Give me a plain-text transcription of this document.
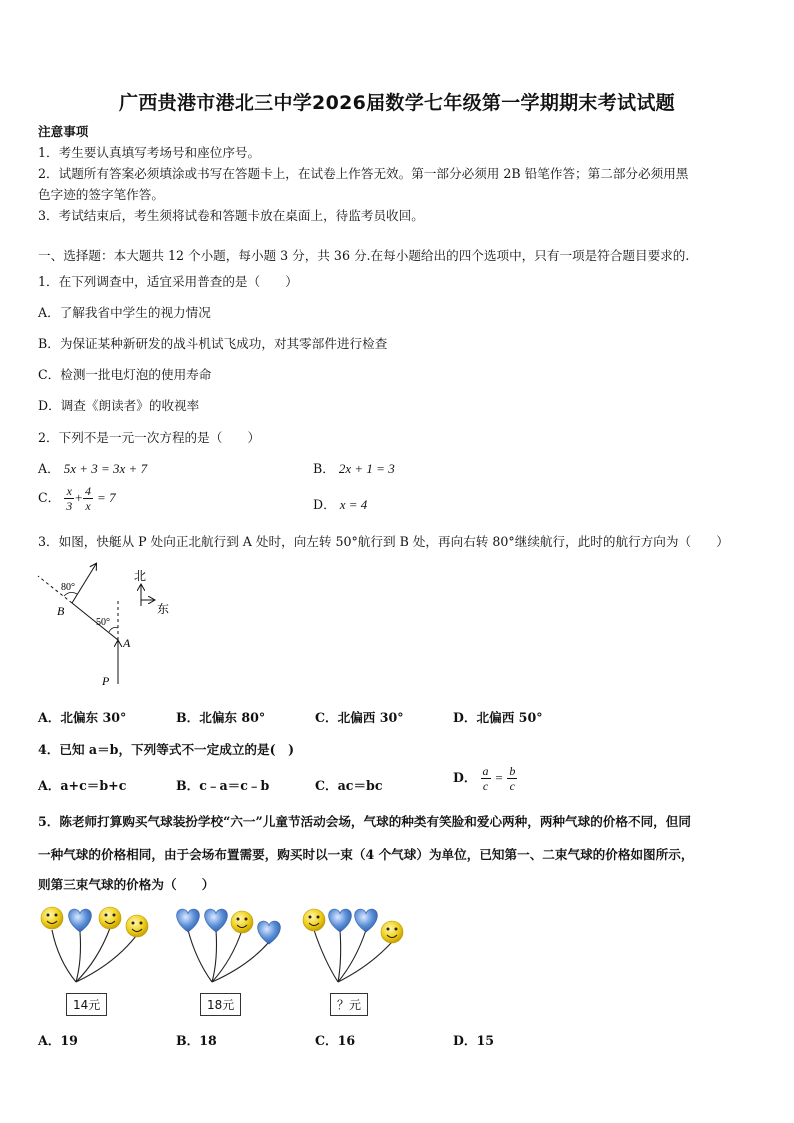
广西贵港市港北三中学2026届数学七年级第一学期期末考试试题
注意事项
1．考生要认真填写考场号和座位序号。
2．试题所有答案必须填涂或书写在答题卡上，在试卷上作答无效。第一部分必须用 2B 铅笔作答；第二部分必须用黑
色字迹的签字笔作答。
3．考试结束后，考生须将试卷和答题卡放在桌面上，待监考员收回。
一、选择题：本大题共 12 个小题，每小题 3 分，共 36 分.在每小题给出的四个选项中，只有一项是符合题目要求的.
1．在下列调查中，适宜采用普查的是（　　）
A．了解我省中学生的视力情况
B．为保证某种新研发的战斗机试飞成功，对其零部件进行检查
C．检测一批电灯泡的使用寿命
D．调查《朗读者》的收视率
2．下列不是一元一次方程的是（　　）
A． 5x + 3 = 3x + 7	B． 2x + 1 = 3
C． $\frac{x}{3} + \frac{4}{x} = 7$	D． x = 4
3．如图，快艇从 P 处向正北航行到 A 处时，向左转 50°航行到 B 处，再向右转 80°继续航行，此时的航行方向为（　　）
北
东
80°
50°
B
A
P
A．北偏东 30°	B．北偏东 80°	C．北偏西 30°	D．北偏西 50°
4．已知 a＝b，下列等式不一定成立的是(　)
A．a+c＝b+c	B．c﹣a＝c﹣b	C．ac＝bc
D． $\frac{a}{c} = \frac{b}{c}$
5．陈老师打算购买气球装扮学校“六一”儿童节活动会场，气球的种类有笑脸和爱心两种，两种气球的价格不同，但同
一种气球的价格相同，由于会场布置需要，购买时以一束（4 个气球）为单位，已知第一、二束气球的价格如图所示，
则第三束气球的价格为（　　）
14元	18元	？元
A．19	B．18	C．16	D．15
